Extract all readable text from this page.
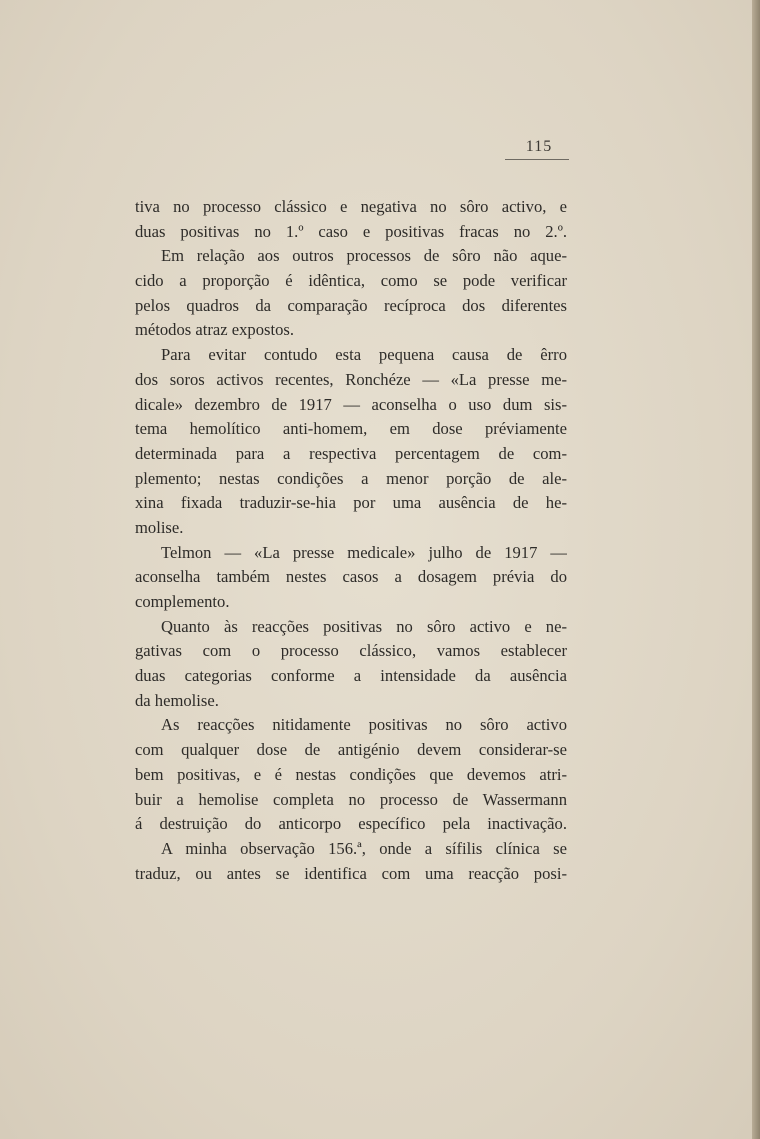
115
tiva no processo clássico e negativa no sôro activo, e
duas positivas no 1.º caso e positivas fracas no 2.º.
Em relação aos outros processos de sôro não aque-
cido a proporção é idêntica, como se pode verificar
pelos quadros da comparação recíproca dos diferentes
métodos atraz expostos.
Para evitar contudo esta pequena causa de êrro
dos soros activos recentes, Ronchéze — «La presse me-
dicale» dezembro de 1917 — aconselha o uso dum sis-
tema hemolítico anti-homem, em dose préviamente
determinada para a respectiva percentagem de com-
plemento; nestas condições a menor porção de ale-
xina fixada traduzir-se-hia por uma ausência de he-
molise.
Telmon — «La presse medicale» julho de 1917 —
aconselha também nestes casos a dosagem prévia do
complemento.
Quanto às reacções positivas no sôro activo e ne-
gativas com o processo clássico, vamos establecer
duas categorias conforme a intensidade da ausência
da hemolise.
As reacções nitidamente positivas no sôro activo
com qualquer dose de antigénio devem considerar-se
bem positivas, e é nestas condições que devemos atri-
buir a hemolise completa no processo de Wassermann
á destruição do anticorpo específico pela inactivação.
A minha observação 156.ª, onde a sífilis clínica se
traduz, ou antes se identifica com uma reacção posi-
